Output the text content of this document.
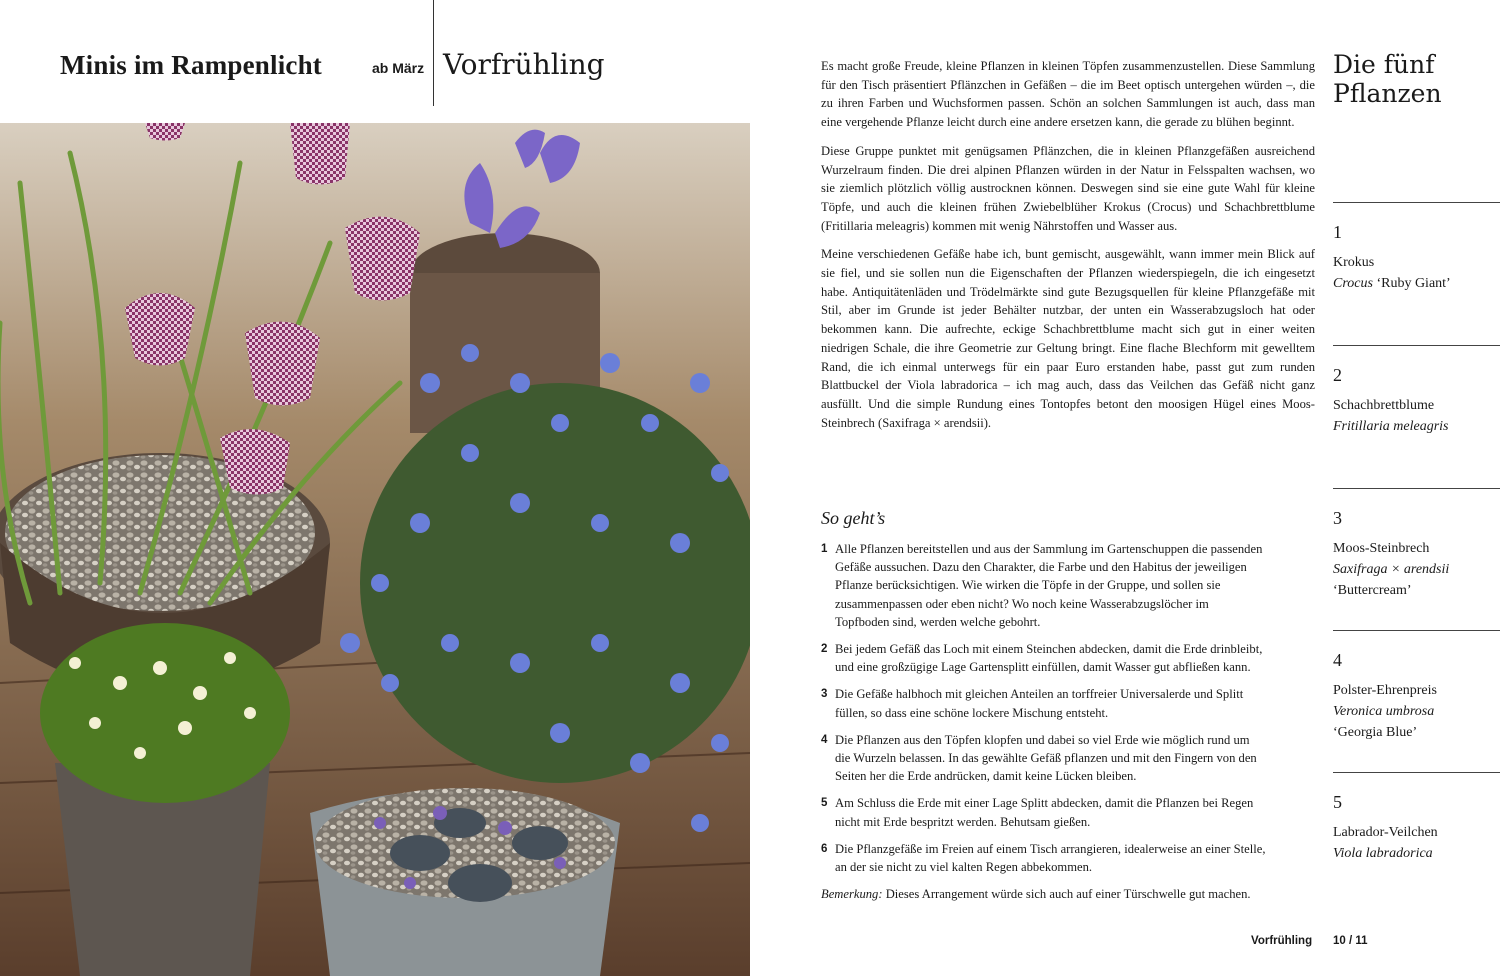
Minis im Rampenlicht	ab März Vorfrühling	Es macht große Freude, kleine Pflanzen in kleinen Töpfen zusammenzustellen. Diese Sammlung für den Tisch präsentiert Pflänzchen in Gefäßen – die im Beet optisch untergehen würden –, die zu ihren Farben und Wuchsformen passen. Schön an solchen Sammlungen ist auch, dass man eine vergehende Pflanze leicht durch eine andere ersetzen kann, die gerade zu blühen beginnt.

Diese Gruppe punktet mit genügsamen Pflänzchen, die in kleinen Pflanzgefäßen ausreichend Wurzelraum finden. Die drei alpinen Pflanzen würden in der Natur in Felsspalten wachsen, wo sie ziemlich plötzlich völlig austrocknen können. Deswegen sind sie eine gute Wahl für kleine Töpfe, und auch die kleinen frühen Zwiebelblüher Krokus (Crocus) und Schachbrettblume (Fritillaria meleagris) kommen mit wenig Nährstoffen und Wasser aus.

Meine verschiedenen Gefäße habe ich, bunt gemischt, ausgewählt, wann immer mein Blick auf sie fiel, und sie sollen nun die Eigenschaften der Pflanzen wiederspiegeln, die ich eingesetzt habe. Antiquitätenläden und Trödelmärkte sind gute Bezugsquellen für kleine Pflanzgefäße mit Stil, aber im Grunde ist jeder Behälter nutzbar, der unten ein Wasserabzugsloch hat oder bekommen kann. Die aufrechte, eckige Schachbrettblume macht sich gut in einer weiten niedrigen Schale, die ihre Geometrie zur Geltung bringt. Eine flache Blechform mit gewelltem Rand, die ich einmal unterwegs für ein paar Euro erstanden habe, passt gut zum runden Blattbuckel der Viola labradorica – ich mag auch, dass das Veilchen das Gefäß nicht ganz ausfüllt. Und die simple Rundung eines Tontopfes betont den moosigen Hügel eines Moos-Steinbrech (Saxifraga × arendsii).

So geht’s
1 Alle Pflanzen bereitstellen und aus der Sammlung im Gartenschuppen die passenden Gefäße aussuchen. Dazu den Charakter, die Farbe und den Habitus der jeweiligen Pflanze berücksichtigen. Wie wirken die Töpfe in der Gruppe, und sollen sie zusammenpassen oder eben nicht? Wo noch keine Wasserabzugslöcher im Topfboden sind, werden welche gebohrt.
2 Bei jedem Gefäß das Loch mit einem Steinchen abdecken, damit die Erde drinbleibt, und eine großzügige Lage Gartensplitt einfüllen, damit Wasser gut abfließen kann.
3 Die Gefäße halbhoch mit gleichen Anteilen an torffreier Universalerde und Splitt füllen, so dass eine schöne lockere Mischung entsteht.
4 Die Pflanzen aus den Töpfen klopfen und dabei so viel Erde wie möglich rund um die Wurzeln belassen. In das gewählte Gefäß pflanzen und mit den Fingern von den Seiten her die Erde andrücken, damit keine Lücken bleiben.
5 Am Schluss die Erde mit einer Lage Splitt abdecken, damit die Pflanzen bei Regen nicht mit Erde bespritzt werden. Behutsam gießen.
6 Die Pflanzgefäße im Freien auf einem Tisch arrangieren, idealerweise an einer Stelle, an der sie nicht zu viel kalten Regen abbekommen.
Bemerkung: Dieses Arrangement würde sich auch auf einer Türschwelle gut machen.
Die fünf Pflanzen
1
Krokus
Crocus ‘Ruby Giant’
2
Schachbrettblume
Fritillaria meleagris
3
Moos-Steinbrech
Saxifraga × arendsii
‘Buttercream’
4
Polster-Ehrenpreis
Veronica umbrosa
‘Georgia Blue’
5
Labrador-Veilchen
Viola labradorica
Vorfrühling 10 / 11
